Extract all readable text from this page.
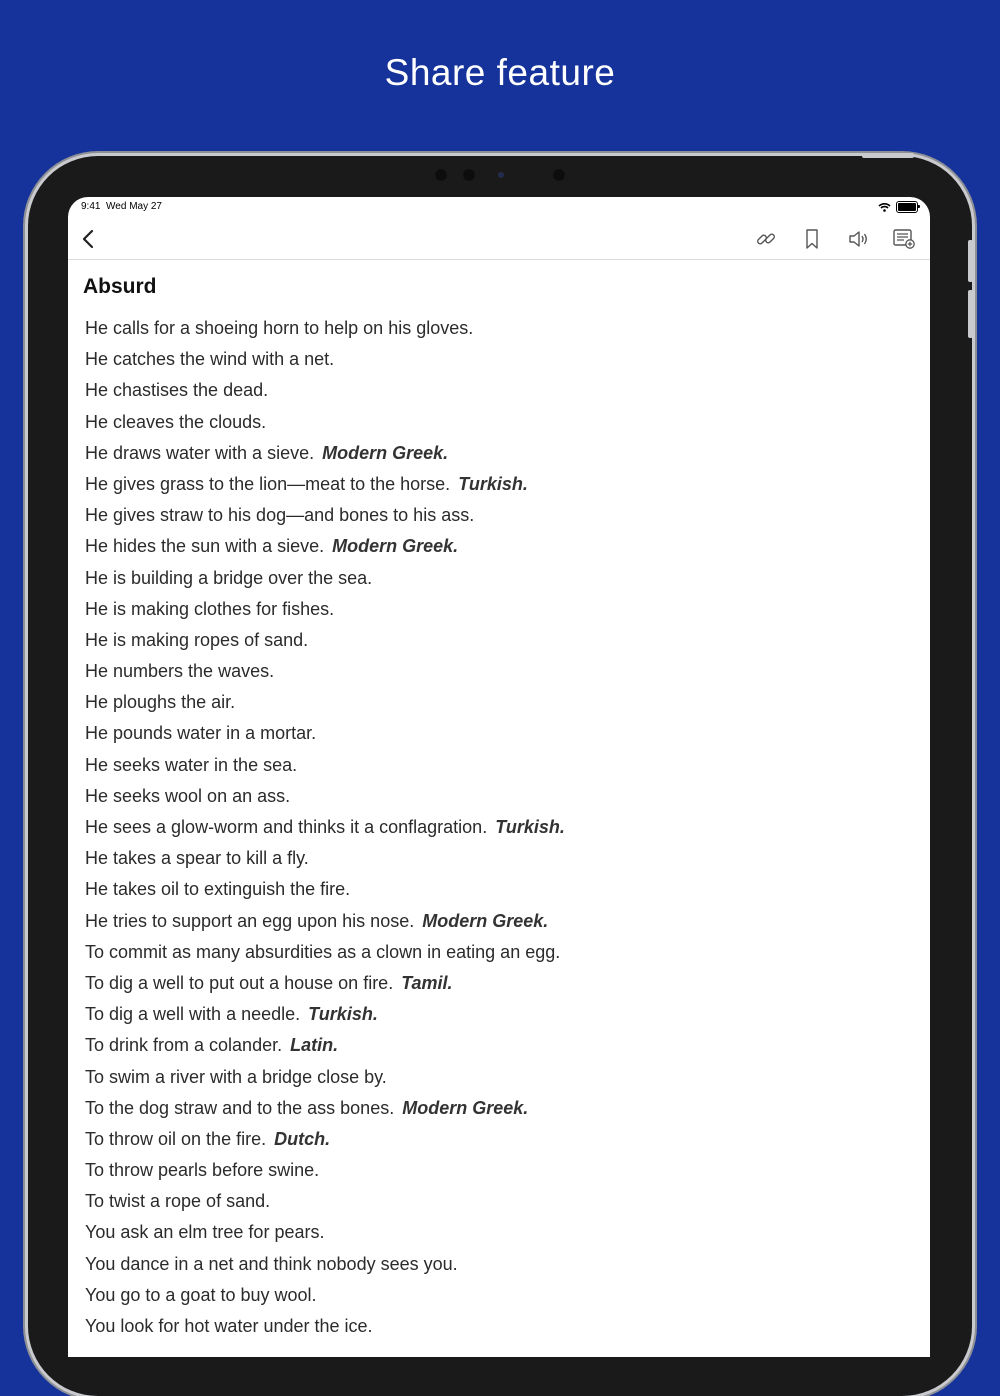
Share feature
9:41 Wed May 27
Absurd
He calls for a shoeing horn to help on his gloves.
He catches the wind with a net.
He chastises the dead.
He cleaves the clouds.
He draws water with a sieve. Modern Greek.
He gives grass to the lion—meat to the horse. Turkish.
He gives straw to his dog—and bones to his ass.
He hides the sun with a sieve. Modern Greek.
He is building a bridge over the sea.
He is making clothes for fishes.
He is making ropes of sand.
He numbers the waves.
He ploughs the air.
He pounds water in a mortar.
He seeks water in the sea.
He seeks wool on an ass.
He sees a glow-worm and thinks it a conflagration. Turkish.
He takes a spear to kill a fly.
He takes oil to extinguish the fire.
He tries to support an egg upon his nose. Modern Greek.
To commit as many absurdities as a clown in eating an egg.
To dig a well to put out a house on fire. Tamil.
To dig a well with a needle. Turkish.
To drink from a colander. Latin.
To swim a river with a bridge close by.
To the dog straw and to the ass bones. Modern Greek.
To throw oil on the fire. Dutch.
To throw pearls before swine.
To twist a rope of sand.
You ask an elm tree for pears.
You dance in a net and think nobody sees you.
You go to a goat to buy wool.
You look for hot water under the ice.
